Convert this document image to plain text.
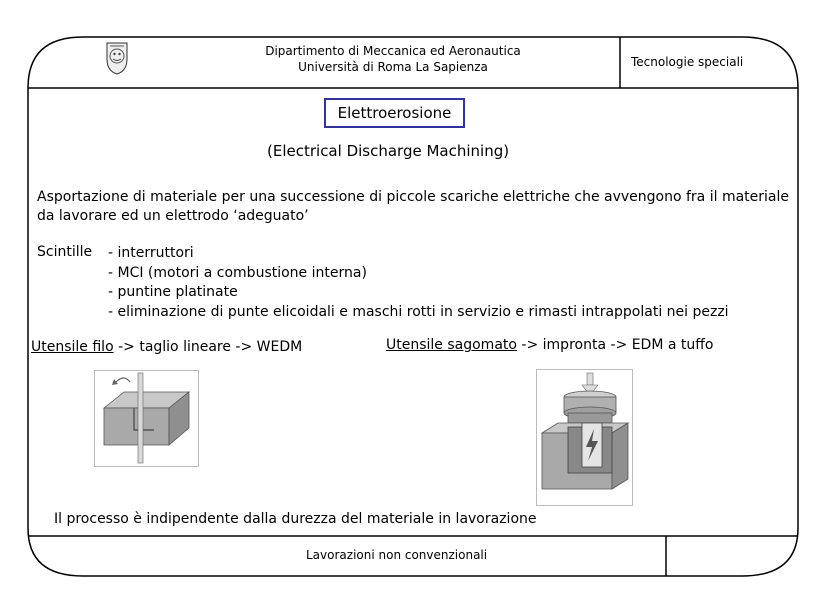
Dipartimento di Meccanica ed Aeronautica
Università di Roma La Sapienza	Tecnologie speciali
Elettroerosione
(Electrical Discharge Machining)
Asportazione di materiale per una successione di piccole scariche elettriche che avvengono fra il materiale da lavorare ed un elettrodo ‘adeguato’
Scintille - interruttori
- MCI (motori a combustione interna)
- puntine platinate
- eliminazione di punte elicoidali e maschi rotti in servizio e rimasti intrappolati nei pezzi
Utensile filo -> taglio lineare -> WEDM	Utensile sagomato -> impronta -> EDM a tuffo
Il processo è indipendente dalla durezza del materiale in lavorazione
Lavorazioni non convenzionali
